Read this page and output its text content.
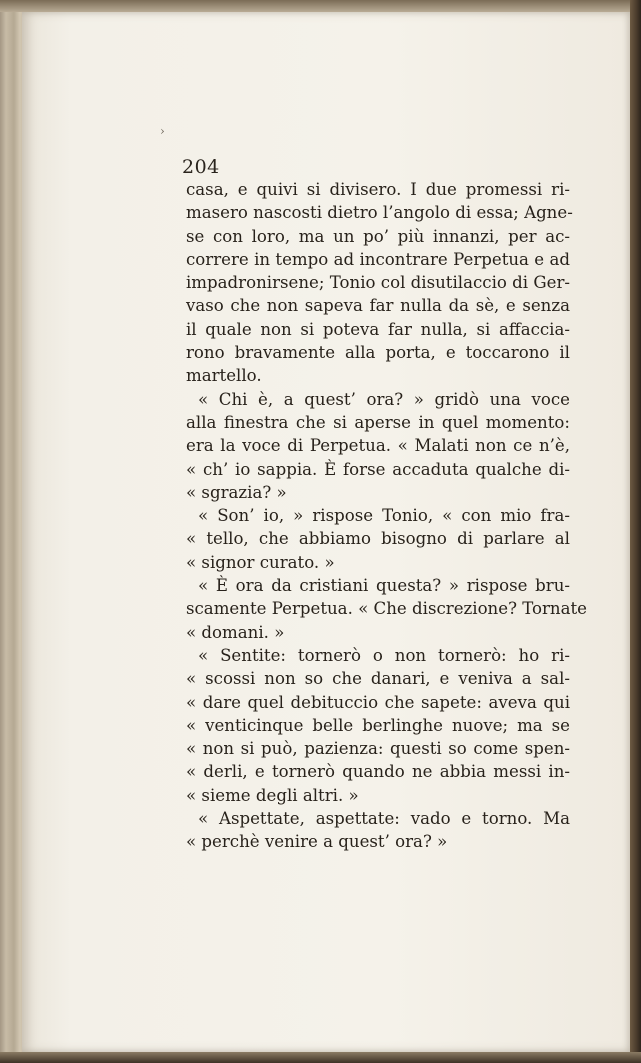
›
204
casa, e quivi si divisero. I due promessi ri-
masero nascosti dietro l’angolo di essa; Agne-
se con loro, ma un po’ più innanzi, per ac-
correre in tempo ad incontrare Perpetua e ad
impadronirsene; Tonio col disutilaccio di Ger-
vaso che non sapeva far nulla da sè, e senza
il quale non si poteva far nulla, si affaccia-
rono bravamente alla porta, e toccarono il
martello.
« Chi è, a quest’ ora? » gridò una voce
alla finestra che si aperse in quel momento:
era la voce di Perpetua. « Malati non ce n’è,
« ch’ io sappia. È forse accaduta qualche di-
« sgrazia? »
« Son’ io, » rispose Tonio, « con mio fra-
« tello, che abbiamo bisogno di parlare al
« signor curato. »
« È ora da cristiani questa? » rispose bru-
scamente Perpetua. « Che discrezione? Tornate
« domani. »
« Sentite: tornerò o non tornerò: ho ri-
« scossi non so che danari, e veniva a sal-
« dare quel debituccio che sapete: aveva qui
« venticinque belle berlinghe nuove; ma se
« non si può, pazienza: questi so come spen-
« derli, e tornerò quando ne abbia messi in-
« sieme degli altri. »
« Aspettate, aspettate: vado e torno. Ma
« perchè venire a quest’ ora? »
